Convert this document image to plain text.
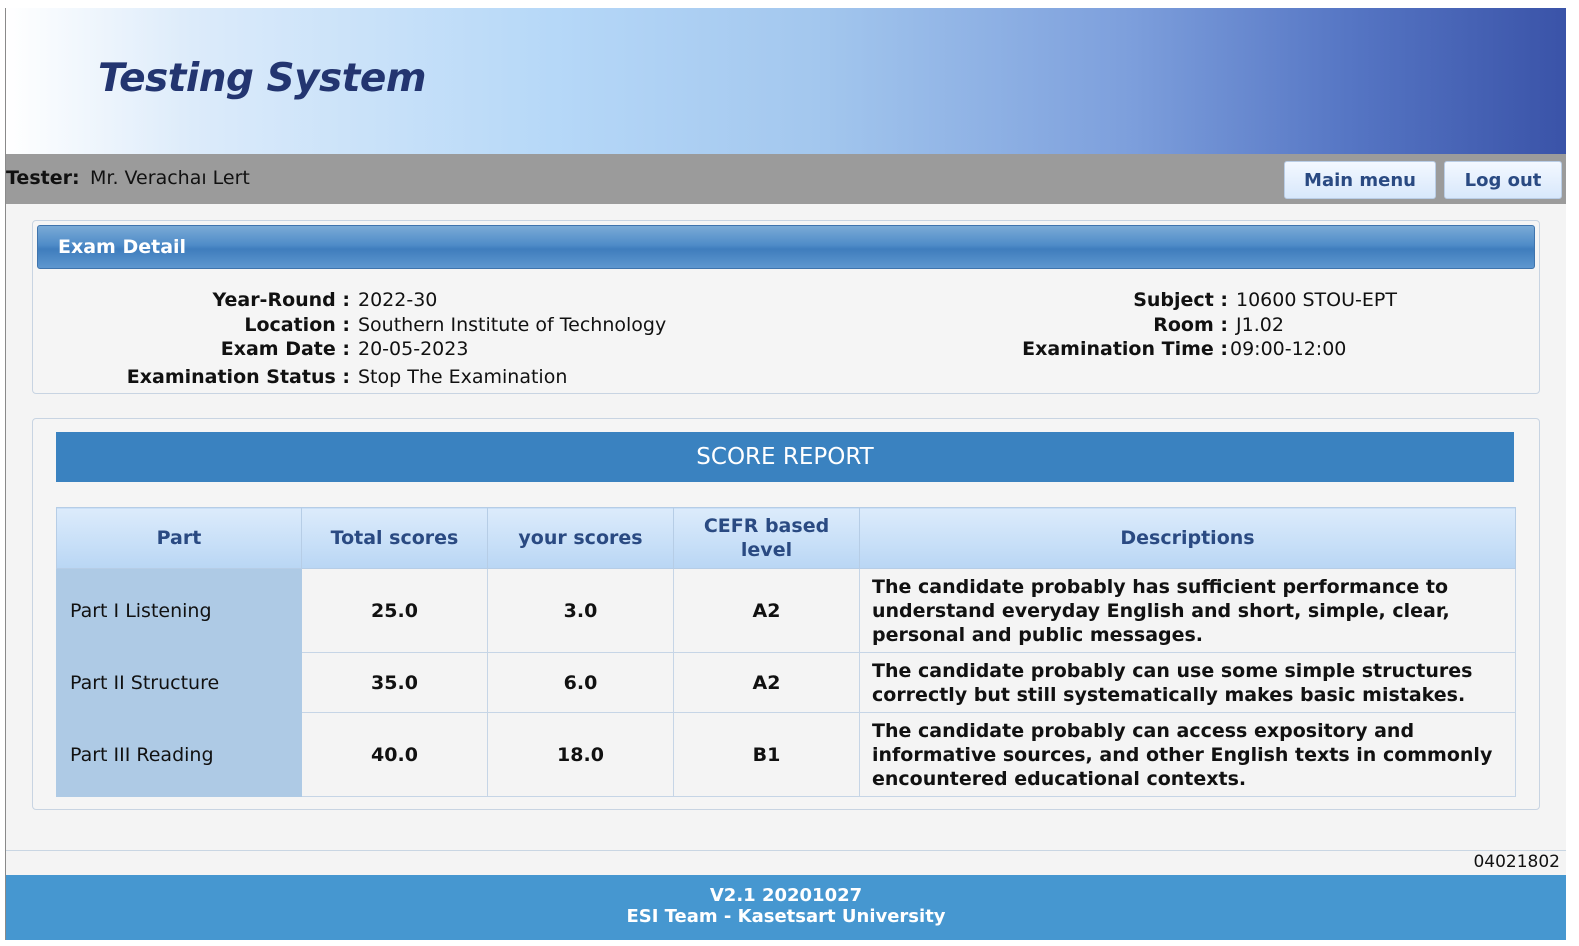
Testing System
Tester: Mr. Verachaı Lert	Main menu	Log out
Exam Detail
Year-Round : 2022-30
Location : Southern Institute of Technology
Exam Date : 20-05-2023
Examination Status : Stop The Examination
Subject : 10600 STOU-EPT
Room : J1.02
Examination Time : 09:00-12:00
SCORE REPORT
Part	Total scores	your scores	CEFR based level	Descriptions
Part I Listening	25.0	3.0	A2	The candidate probably has sufficient performance to understand everyday English and short, simple, clear, personal and public messages.
Part II Structure	35.0	6.0	A2	The candidate probably can use some simple structures correctly but still systematically makes basic mistakes.
Part III Reading	40.0	18.0	B1	The candidate probably can access expository and informative sources, and other English texts in commonly encountered educational contexts.
04021802
V2.1 20201027
ESI Team - Kasetsart University
